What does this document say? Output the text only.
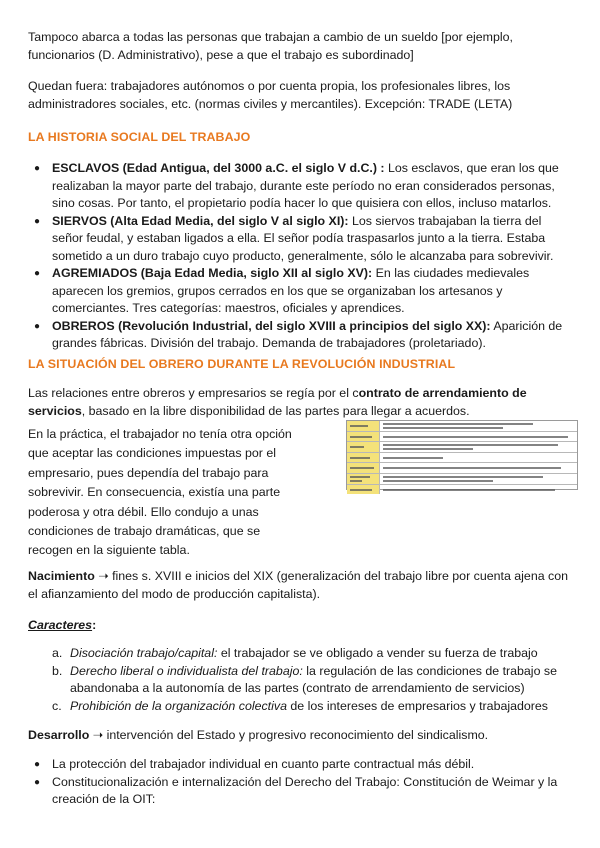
Tampoco abarca a todas las personas que trabajan a cambio de un sueldo [por ejemplo, funcionarios (D. Administrativo), pese a que el trabajo es subordinado]

Quedan fuera: trabajadores autónomos o por cuenta propia, los profesionales libres, los administradores sociales, etc. (normas civiles y mercantiles). Excepción: TRADE (LETA)

LA HISTORIA SOCIAL DEL TRABAJO
● ESCLAVOS (Edad Antigua, del 3000 a.C. el siglo V d.C.) : Los esclavos, que eran los que realizaban la mayor parte del trabajo, durante este período no eran considerados personas, sino cosas. Por tanto, el propietario podía hacer lo que quisiera con ellos, incluso matarlos.
● SIERVOS (Alta Edad Media, del siglo V al siglo XI): Los siervos trabajaban la tierra del señor feudal, y estaban ligados a ella. El señor podía traspasarlos junto a la tierra. Estaba sometido a un duro trabajo cuyo producto, generalmente, sólo le alcanzaba para sobrevivir.
● AGREMIADOS (Baja Edad Media, siglo XII al siglo XV): En las ciudades medievales aparecen los gremios, grupos cerrados en los que se organizaban los artesanos y comerciantes. Tres categorías: maestros, oficiales y aprendices.
● OBREROS (Revolución Industrial, del siglo XVIII a principios del siglo XX): Aparición de grandes fábricas. División del trabajo. Demanda de trabajadores (proletariado).
LA SITUACIÓN DEL OBRERO DURANTE LA REVOLUCIÓN INDUSTRIAL

Las relaciones entre obreros y empresarios se regía por el contrato de arrendamiento de servicios, basado en la libre disponibilidad de las partes para llegar a acuerdos.

En la práctica, el trabajador no tenía otra opción que aceptar las condiciones impuestas por el empresario, pues dependía del trabajo para sobrevivir. En consecuencia, existía una parte poderosa y otra débil. Ello condujo a unas condiciones de trabajo dramáticas, que se recogen en la siguiente tabla.

Nacimiento ➝ fines s. XVIII e inicios del XIX (generalización del trabajo libre por cuenta ajena con el afianzamiento del modo de producción capitalista).

Caracteres:

a. Disociación trabajo/capital: el trabajador se ve obligado a vender su fuerza de trabajo
b. Derecho liberal o individualista del trabajo: la regulación de las condiciones de trabajo se abandonaba a la autonomía de las partes (contrato de arrendamiento de servicios)
c. Prohibición de la organización colectiva de los intereses de empresarios y trabajadores

Desarrollo ➝ intervención del Estado y progresivo reconocimiento del sindicalismo.

● La protección del trabajador individual en cuanto parte contractual más débil.
● Constitucionalización e internalización del Derecho del Trabajo: Constitución de Weimar y la creación de la OIT:
